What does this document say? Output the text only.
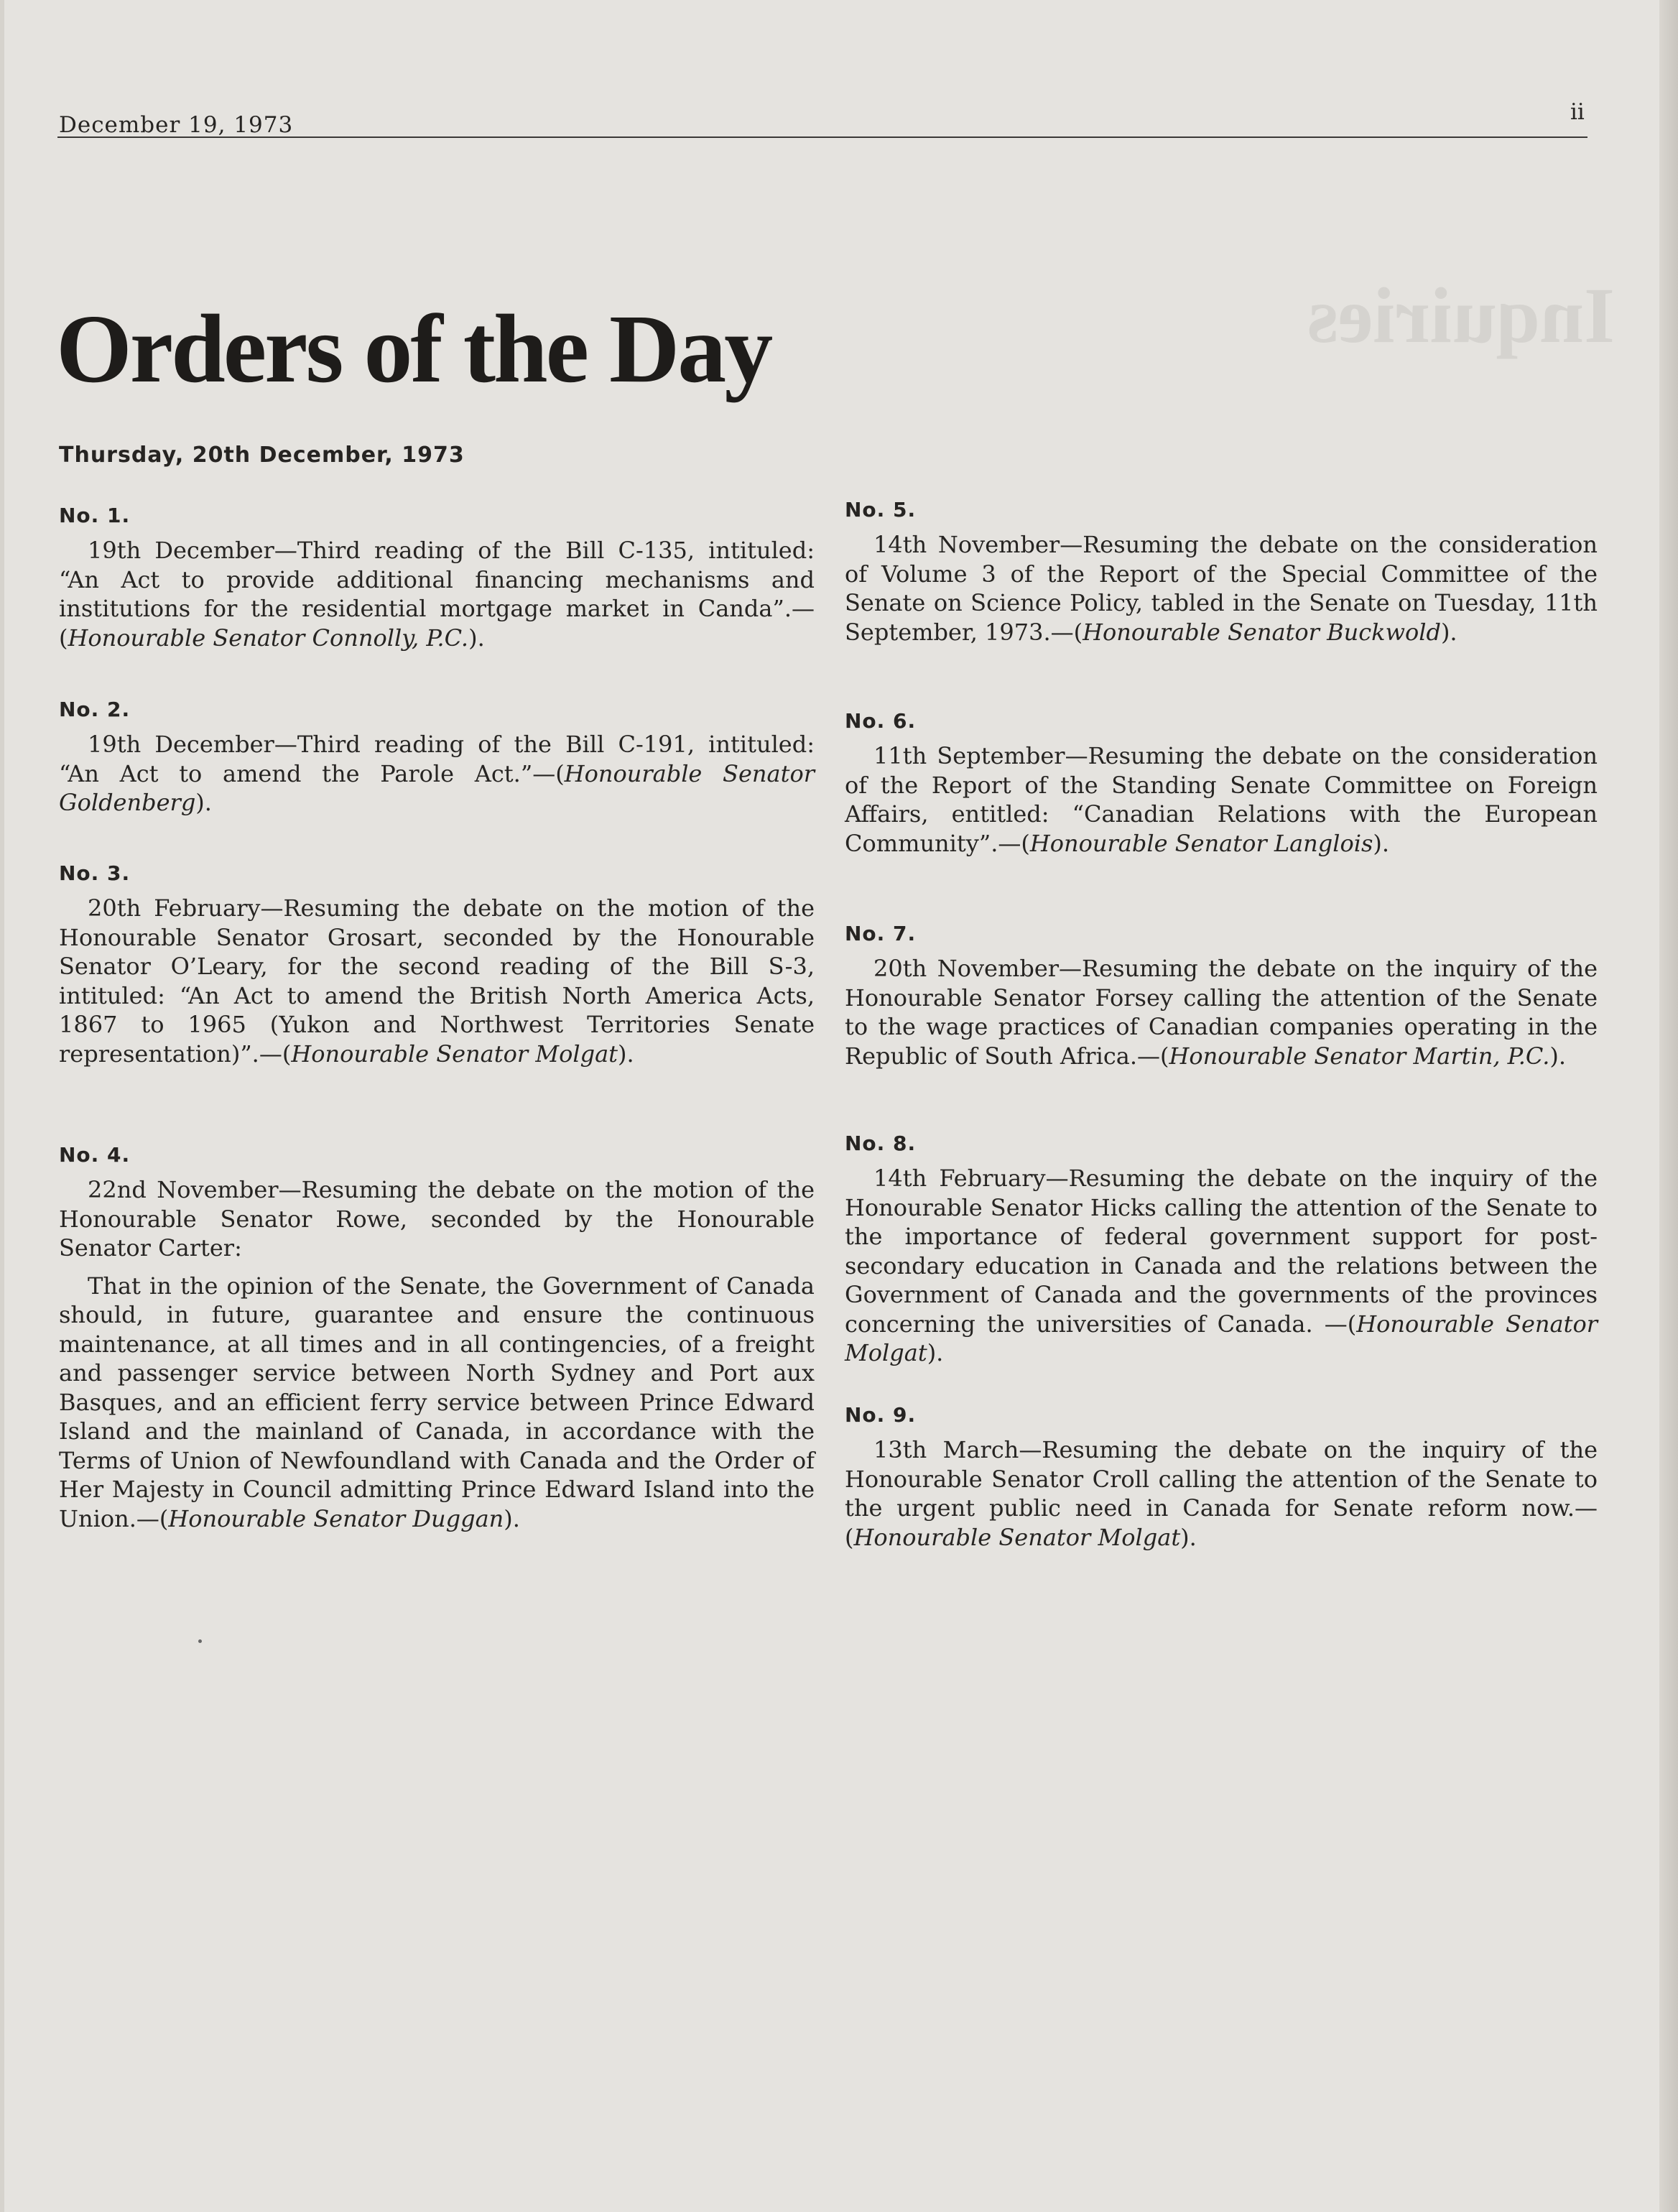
December 19, 1973	ii
Inquiries
Orders of the Day
Thursday, 20th December, 1973
No. 1.

19th December—Third reading of the Bill C-135, intituled: “An Act to provide additional financing mechanisms and institutions for the residential mortgage market in Canda”.—(Honourable Senator Connolly, P.C.).

No. 2.

19th December—Third reading of the Bill C-191, intituled: “An Act to amend the Parole Act.”—(Honourable Senator Goldenberg).

No. 3.

20th February—Resuming the debate on the motion of the Honourable Senator Grosart, seconded by the Honourable Senator O’Leary, for the second reading of the Bill S-3, intituled: “An Act to amend the British North America Acts, 1867 to 1965 (Yukon and Northwest Territories Senate representation)”.—(Honourable Senator Molgat).

No. 4.

22nd November—Resuming the debate on the motion of the Honourable Senator Rowe, seconded by the Honourable Senator Carter:

That in the opinion of the Senate, the Government of Canada should, in future, guarantee and ensure the continuous maintenance, at all times and in all contingencies, of a freight and passenger service between North Sydney and Port aux Basques, and an efficient ferry service between Prince Edward Island and the mainland of Canada, in accordance with the Terms of Union of Newfoundland with Canada and the Order of Her Majesty in Council admitting Prince Edward Island into the Union.—(Honourable Senator Duggan).

No. 5.

14th November—Resuming the debate on the consideration of Volume 3 of the Report of the Special Committee of the Senate on Science Policy, tabled in the Senate on Tuesday, 11th September, 1973.—(Honourable Senator Buckwold).

No. 6.

11th September—Resuming the debate on the consideration of the Report of the Standing Senate Committee on Foreign Affairs, entitled: “Canadian Relations with the European Community”.—(Honourable Senator Langlois).

No. 7.

20th November—Resuming the debate on the inquiry of the Honourable Senator Forsey calling the attention of the Senate to the wage practices of Canadian companies operating in the Republic of South Africa.—(Honourable Senator Martin, P.C.).

No. 8.

14th February—Resuming the debate on the inquiry of the Honourable Senator Hicks calling the attention of the Senate to the importance of federal government support for post-secondary education in Canada and the relations between the Government of Canada and the governments of the provinces concerning the universities of Canada. —(Honourable Senator Molgat).

No. 9.

13th March—Resuming the debate on the inquiry of the Honourable Senator Croll calling the attention of the Senate to the urgent public need in Canada for Senate reform now.—(Honourable Senator Molgat).
